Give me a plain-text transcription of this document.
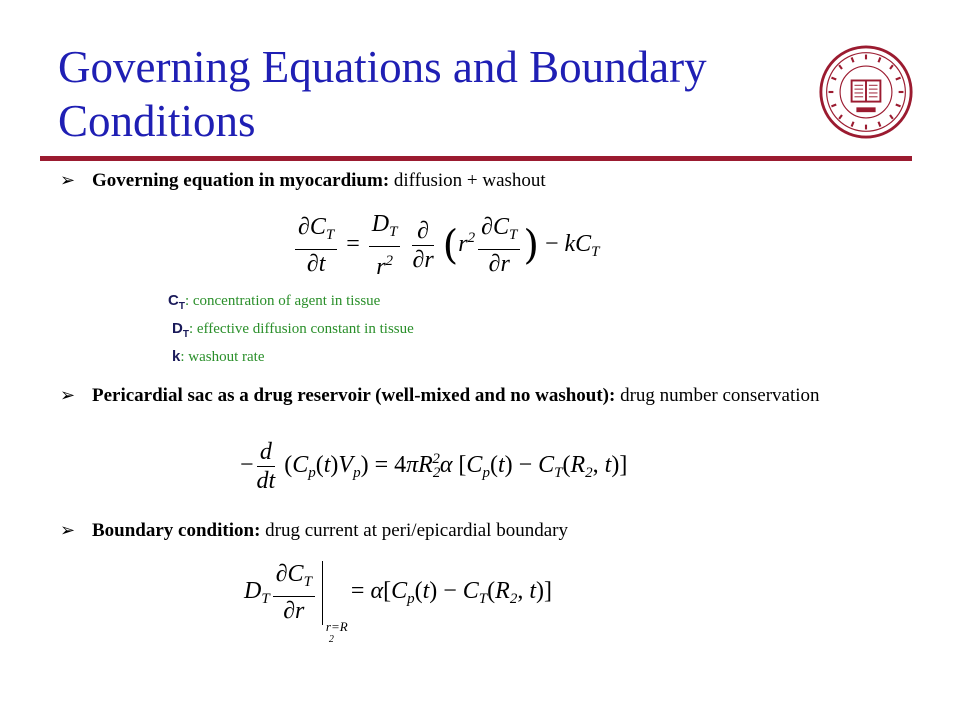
Governing Equations and Boundary Conditions
➢ Governing equation in myocardium: diffusion + washout
$\frac{\partial C_T}{\partial t} = \frac{D_T}{r^2}$
$\frac{\partial}{\partial r} (r^2 \frac{\partial C_T}{\partial r}$ ) − $kC_T$
$C_T$: concentration of agent in tissue
$D_T$: effective diffusion constant in tissue
k: washout rate
➢ Pericardial sac as a drug reservoir (well-mixed and no washout): drug number conservation
− $\frac{d}{dt} (C_p(t)V_p) = 4\pi R_2^2\alpha$ [$C_p(t) - C_T(R_2$, t)]
➢ Boundary condition: drug current at peri/epicardial boundary
$D_T \frac{\partial C_T}{\partial r}$
r=R
2
= $\alpha[C_p(t) - C_T(R_2$, t)]
